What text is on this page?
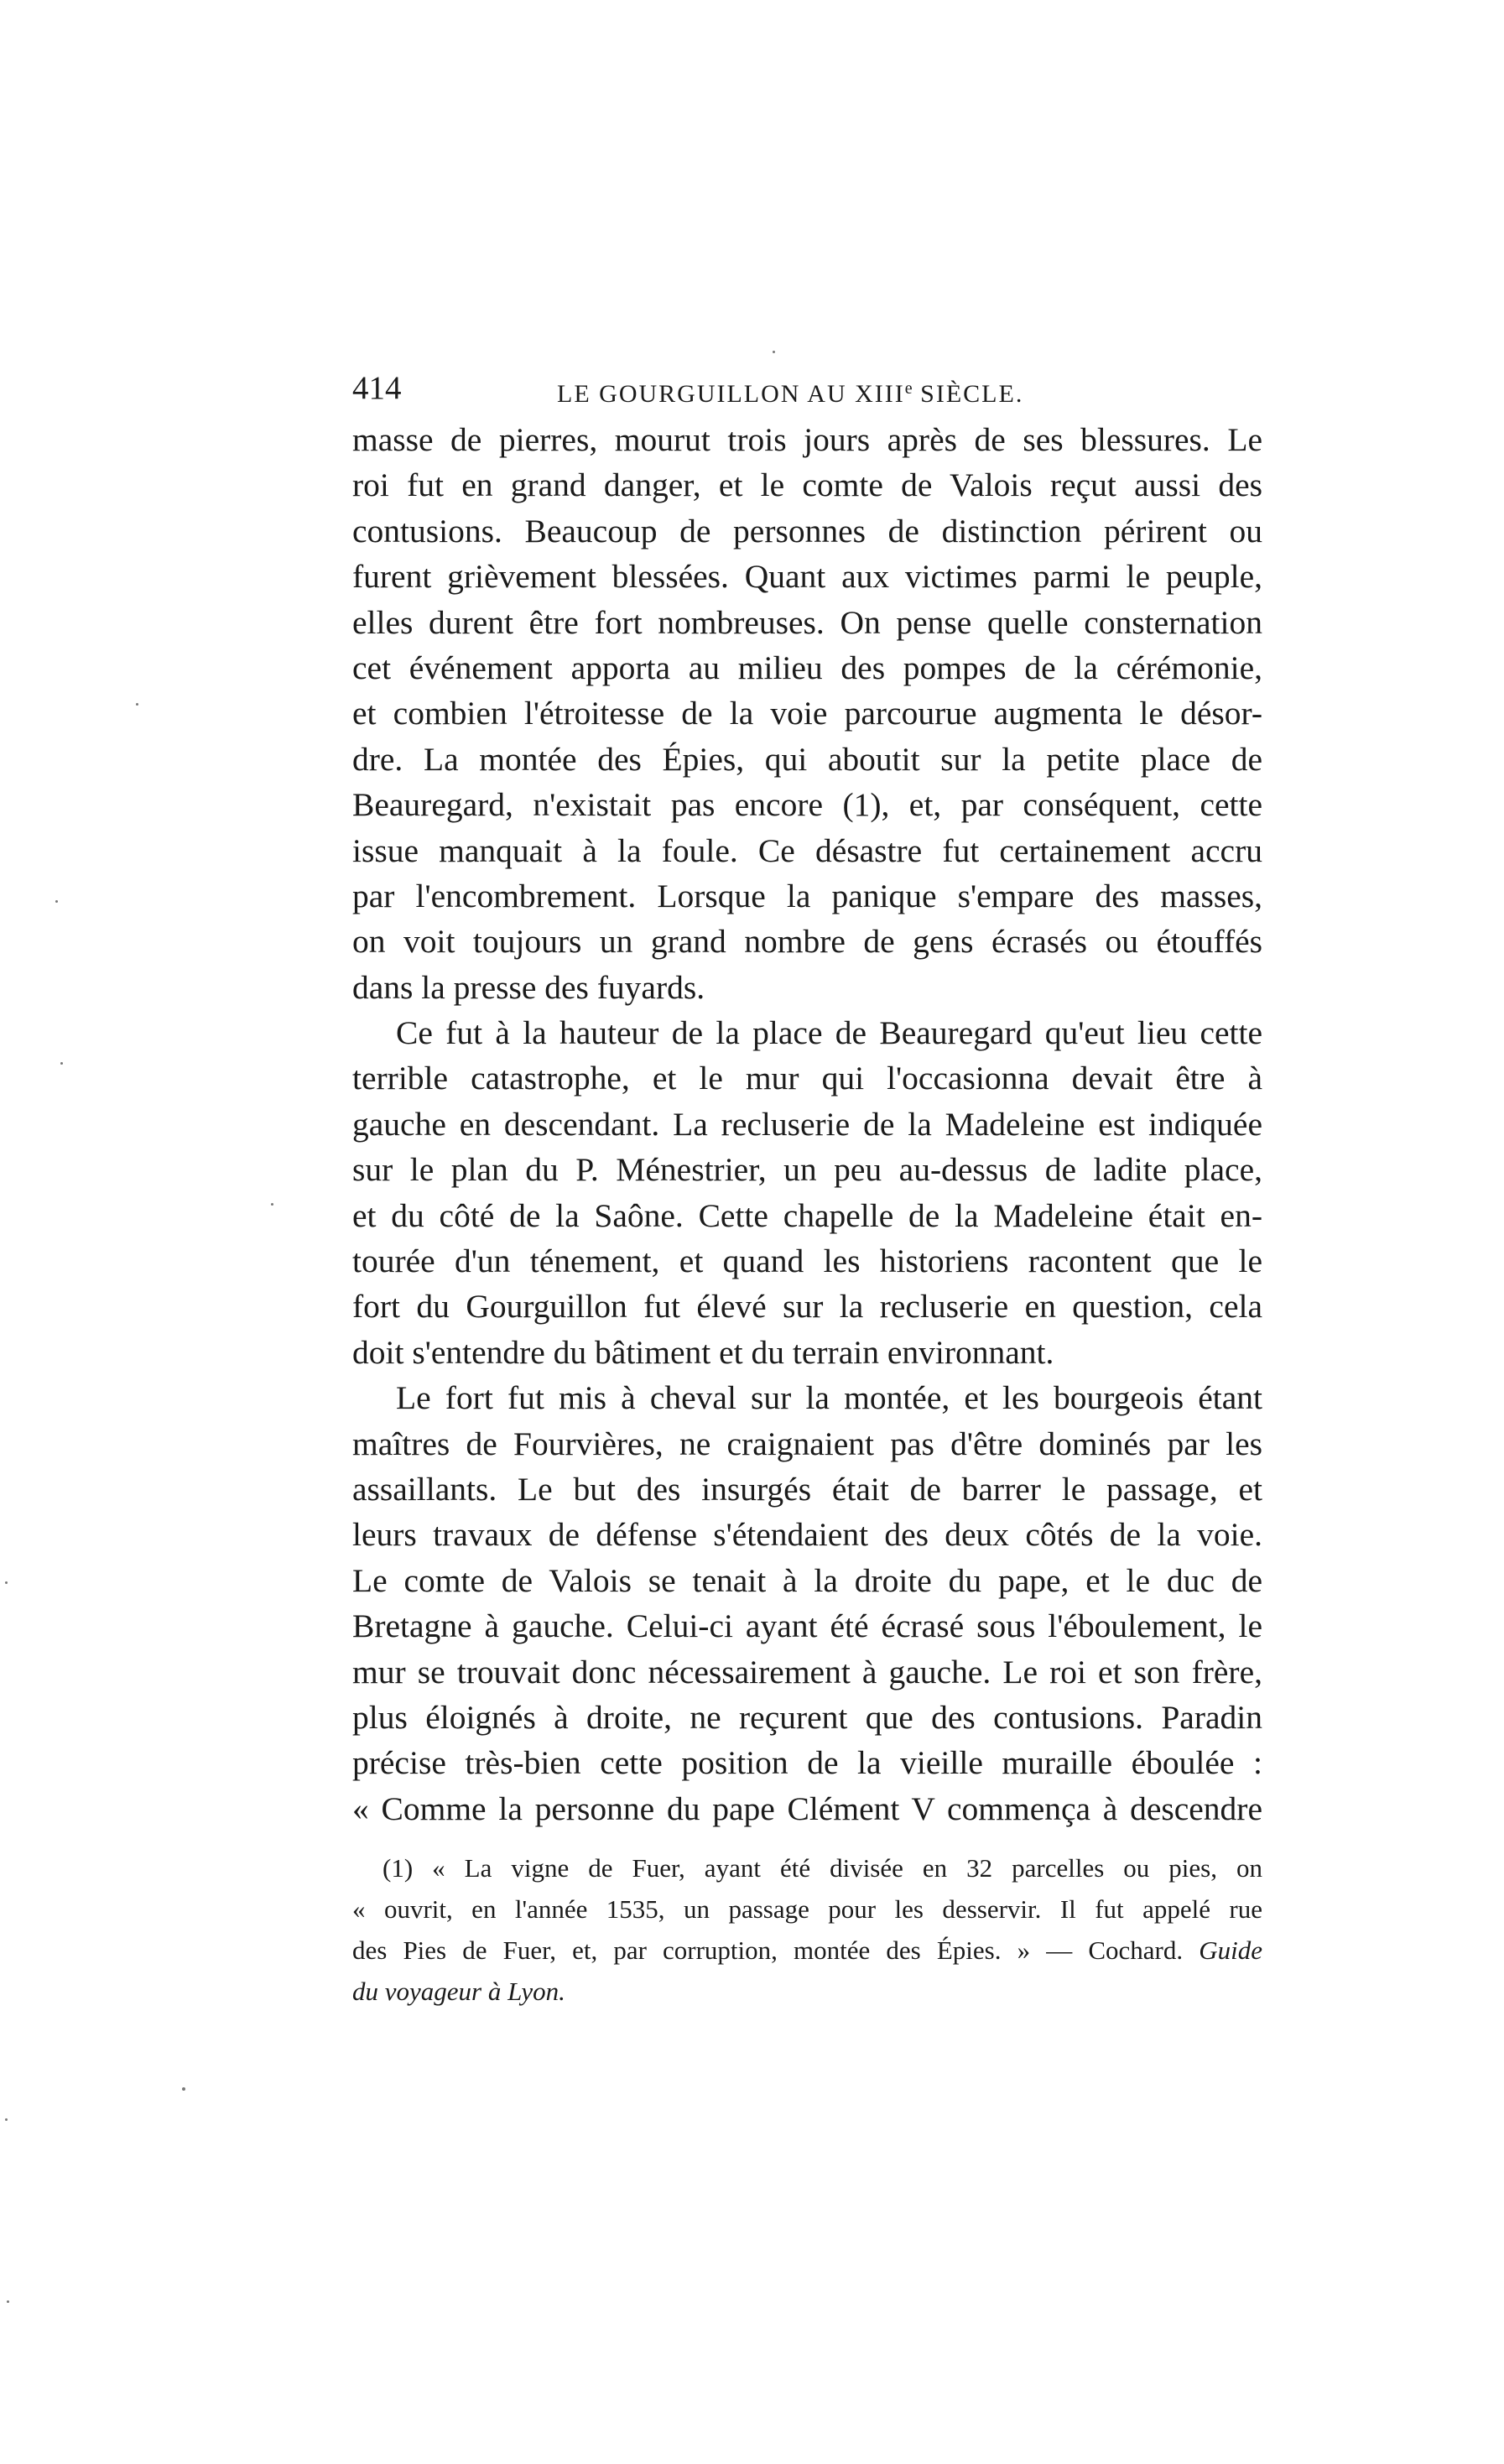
414	LE GOURGUILLON AU XIIIe SIÈCLE.
masse de pierres, mourut trois jours après de ses blessures. Le
roi fut en grand danger, et le comte de Valois reçut aussi des
contusions. Beaucoup de personnes de distinction périrent ou
furent grièvement blessées. Quant aux victimes parmi le peuple,
elles durent être fort nombreuses. On pense quelle consternation
cet événement apporta au milieu des pompes de la cérémonie,
et combien l'étroitesse de la voie parcourue augmenta le désor-
dre. La montée des Épies, qui aboutit sur la petite place de
Beauregard, n'existait pas encore (1), et, par conséquent, cette
issue manquait à la foule. Ce désastre fut certainement accru
par l'encombrement. Lorsque la panique s'empare des masses,
on voit toujours un grand nombre de gens écrasés ou étouffés
dans la presse des fuyards.
Ce fut à la hauteur de la place de Beauregard qu'eut lieu cette
terrible catastrophe, et le mur qui l'occasionna devait être à
gauche en descendant. La recluserie de la Madeleine est indiquée
sur le plan du P. Ménestrier, un peu au-dessus de ladite place,
et du côté de la Saône. Cette chapelle de la Madeleine était en-
tourée d'un ténement, et quand les historiens racontent que le
fort du Gourguillon fut élevé sur la recluserie en question, cela
doit s'entendre du bâtiment et du terrain environnant.
Le fort fut mis à cheval sur la montée, et les bourgeois étant
maîtres de Fourvières, ne craignaient pas d'être dominés par les
assaillants. Le but des insurgés était de barrer le passage, et
leurs travaux de défense s'étendaient des deux côtés de la voie.
Le comte de Valois se tenait à la droite du pape, et le duc de
Bretagne à gauche. Celui-ci ayant été écrasé sous l'éboulement, le
mur se trouvait donc nécessairement à gauche. Le roi et son frère,
plus éloignés à droite, ne reçurent que des contusions. Paradin
précise très-bien cette position de la vieille muraille éboulée :
« Comme la personne du pape Clément V commença à descendre
(1) « La vigne de Fuer, ayant été divisée en 32 parcelles ou pies, on
« ouvrit, en l'année 1535, un passage pour les desservir. Il fut appelé rue
des Pies de Fuer, et, par corruption, montée des Épies. » — Cochard. Guide
du voyageur à Lyon.
